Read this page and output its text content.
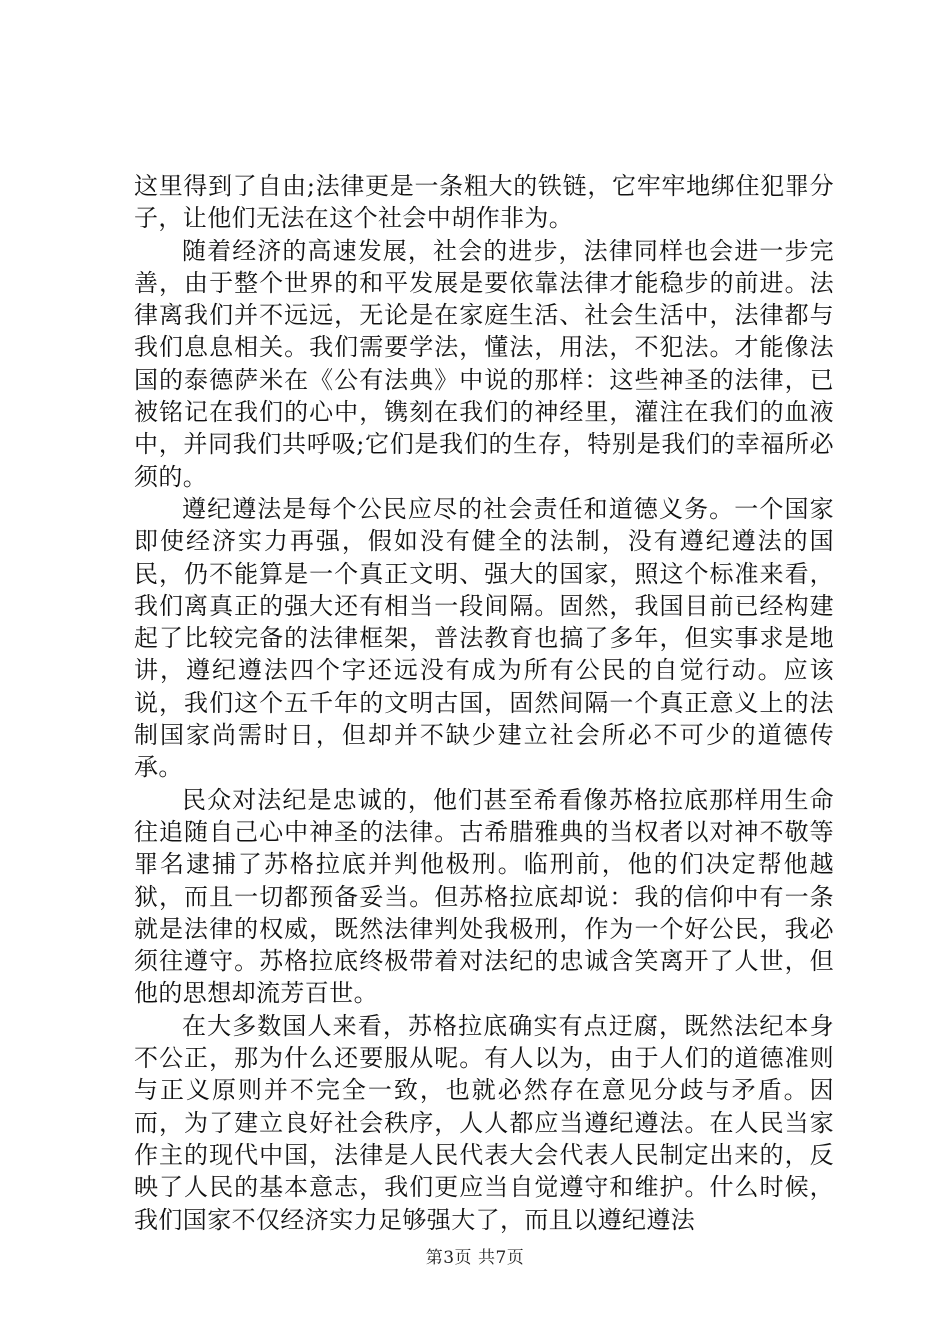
这里得到了自由;法律更是一条粗大的铁链，它牢牢地绑住犯罪分子，让他们无法在这个社会中胡作非为。

随着经济的高速发展，社会的进步，法律同样也会进一步完善，由于整个世界的和平发展是要依靠法律才能稳步的前进。法律离我们并不远远，无论是在家庭生活、社会生活中，法律都与我们息息相关。我们需要学法，懂法，用法，不犯法。才能像法国的泰德萨米在《公有法典》中说的那样：这些神圣的法律，已被铭记在我们的心中，镌刻在我们的神经里，灌注在我们的血液中，并同我们共呼吸;它们是我们的生存，特别是我们的幸福所必须的。

遵纪遵法是每个公民应尽的社会责任和道德义务。一个国家即使经济实力再强，假如没有健全的法制，没有遵纪遵法的国民，仍不能算是一个真正文明、强大的国家，照这个标准来看，我们离真正的强大还有相当一段间隔。固然，我国目前已经构建起了比较完备的法律框架，普法教育也搞了多年，但实事求是地讲，遵纪遵法四个字还远没有成为所有公民的自觉行动。应该说，我们这个五千年的文明古国，固然间隔一个真正意义上的法制国家尚需时日，但却并不缺少建立社会所必不可少的道德传承。

民众对法纪是忠诚的，他们甚至希看像苏格拉底那样用生命往追随自己心中神圣的法律。古希腊雅典的当权者以对神不敬等罪名逮捕了苏格拉底并判他极刑。临刑前，他的们决定帮他越狱，而且一切都预备妥当。但苏格拉底却说：我的信仰中有一条就是法律的权威，既然法律判处我极刑，作为一个好公民，我必须往遵守。苏格拉底终极带着对法纪的忠诚含笑离开了人世，但他的思想却流芳百世。

在大多数国人来看，苏格拉底确实有点迂腐，既然法纪本身不公正，那为什么还要服从呢。有人以为，由于人们的道德准则与正义原则并不完全一致，也就必然存在意见分歧与矛盾。因而，为了建立良好社会秩序，人人都应当遵纪遵法。在人民当家作主的现代中国，法律是人民代表大会代表人民制定出来的，反映了人民的基本意志，我们更应当自觉遵守和维护。什么时候，我们国家不仅经济实力足够强大了，而且以遵纪遵法

第3页 共7页
